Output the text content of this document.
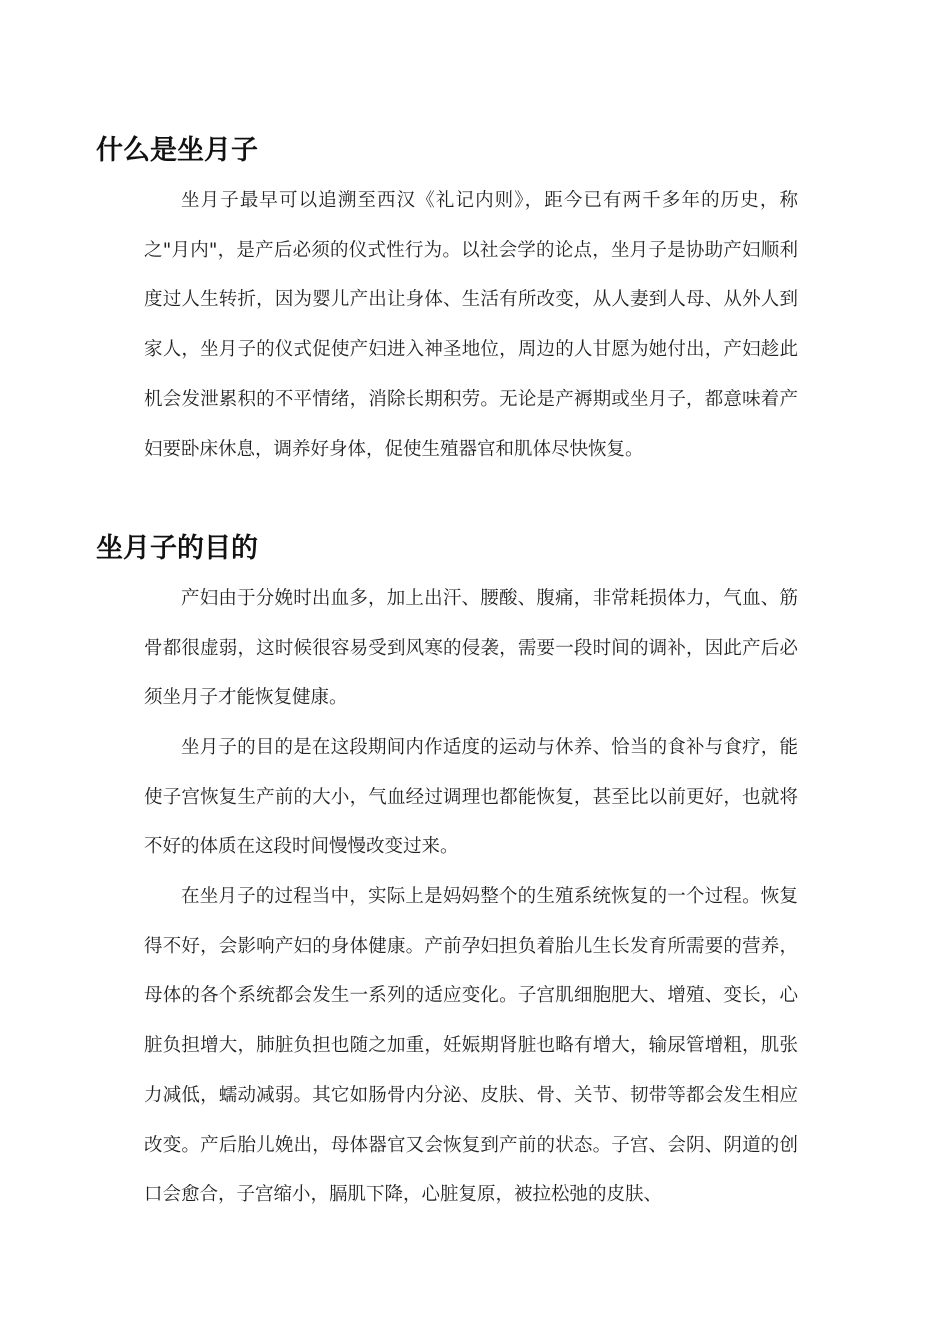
什么是坐月子

坐月子最早可以追溯至西汉《礼记内则》，距今已有两千多年的历史，称之"月内"，是产后必须的仪式性行为。以社会学的论点，坐月子是协助产妇顺利度过人生转折，因为婴儿产出让身体、生活有所改变，从人妻到人母、从外人到家人，坐月子的仪式促使产妇进入神圣地位，周边的人甘愿为她付出，产妇趁此机会发泄累积的不平情绪，消除长期积劳。无论是产褥期或坐月子，都意味着产妇要卧床休息，调养好身体，促使生殖器官和肌体尽快恢复。

坐月子的目的

产妇由于分娩时出血多，加上出汗、腰酸、腹痛，非常耗损体力，气血、筋骨都很虚弱，这时候很容易受到风寒的侵袭，需要一段时间的调补，因此产后必须坐月子才能恢复健康。

坐月子的目的是在这段期间内作适度的运动与休养、恰当的食补与食疗，能使子宫恢复生产前的大小，气血经过调理也都能恢复，甚至比以前更好，也就将不好的体质在这段时间慢慢改变过来。

在坐月子的过程当中，实际上是妈妈整个的生殖系统恢复的一个过程。恢复得不好，会影响产妇的身体健康。产前孕妇担负着胎儿生长发育所需要的营养，母体的各个系统都会发生一系列的适应变化。子宫肌细胞肥大、增殖、变长，心脏负担增大，肺脏负担也随之加重，妊娠期肾脏也略有增大，输尿管增粗，肌张力减低，蠕动减弱。其它如肠骨内分泌、皮肤、骨、关节、韧带等都会发生相应改变。产后胎儿娩出，母体器官又会恢复到产前的状态。子宫、会阴、阴道的创口会愈合，子宫缩小，膈肌下降，心脏复原，被拉松弛的皮肤、
